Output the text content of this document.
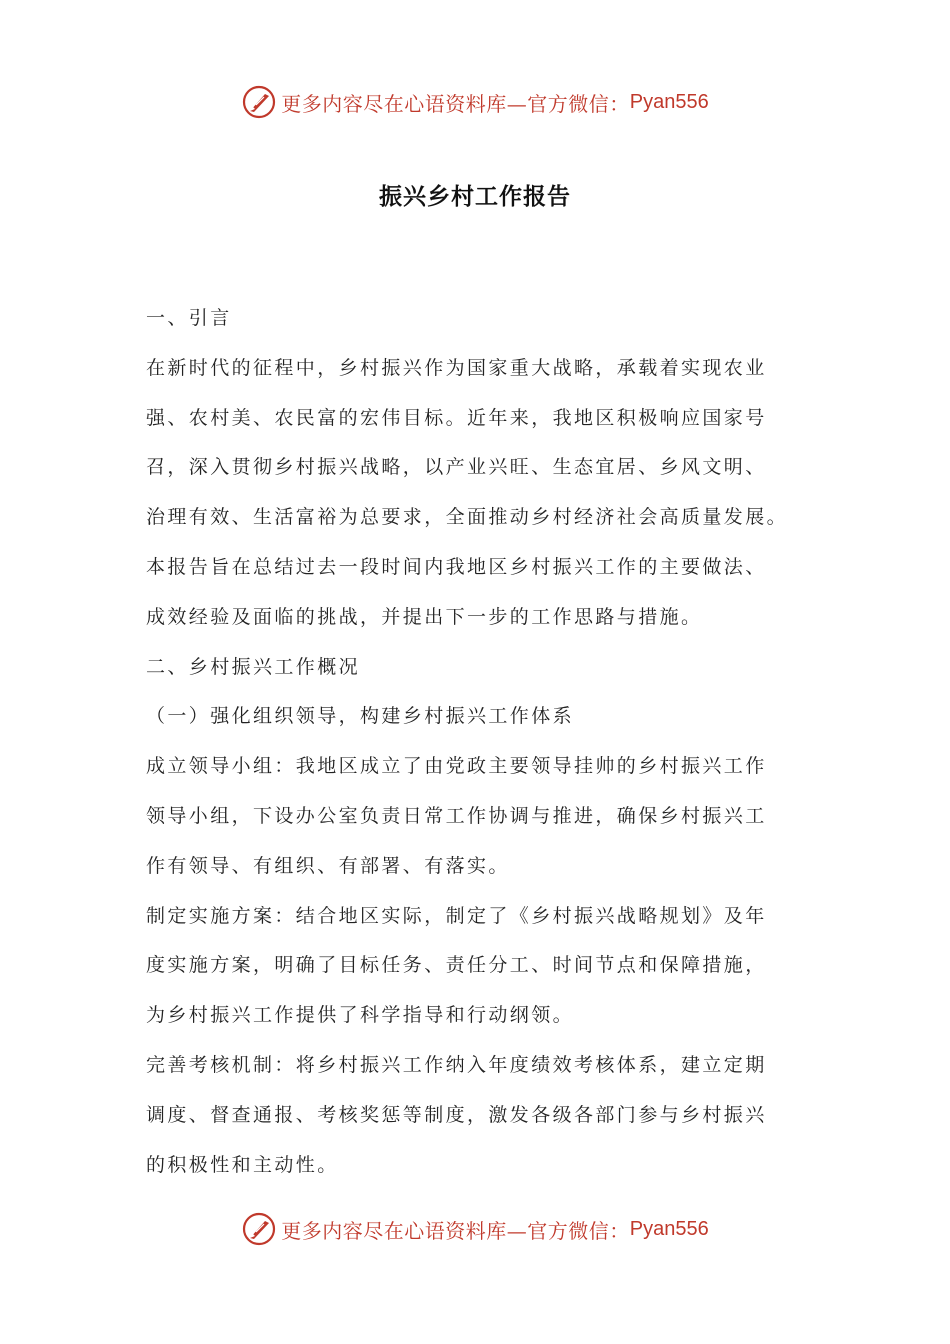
更多内容尽在心语资料库—官方微信： Pyan556
振兴乡村工作报告
一、引言
在新时代的征程中，乡村振兴作为国家重大战略，承载着实现农业
强、农村美、农民富的宏伟目标。近年来，我地区积极响应国家号
召，深入贯彻乡村振兴战略，以产业兴旺、生态宜居、乡风文明、
治理有效、生活富裕为总要求，全面推动乡村经济社会高质量发展。
本报告旨在总结过去一段时间内我地区乡村振兴工作的主要做法、
成效经验及面临的挑战，并提出下一步的工作思路与措施。
二、乡村振兴工作概况
（一）强化组织领导，构建乡村振兴工作体系
成立领导小组：我地区成立了由党政主要领导挂帅的乡村振兴工作
领导小组，下设办公室负责日常工作协调与推进，确保乡村振兴工
作有领导、有组织、有部署、有落实。
制定实施方案：结合地区实际，制定了《乡村振兴战略规划》及年
度实施方案，明确了目标任务、责任分工、时间节点和保障措施，
为乡村振兴工作提供了科学指导和行动纲领。
完善考核机制：将乡村振兴工作纳入年度绩效考核体系，建立定期
调度、督查通报、考核奖惩等制度，激发各级各部门参与乡村振兴
的积极性和主动性。
更多内容尽在心语资料库—官方微信： Pyan556
